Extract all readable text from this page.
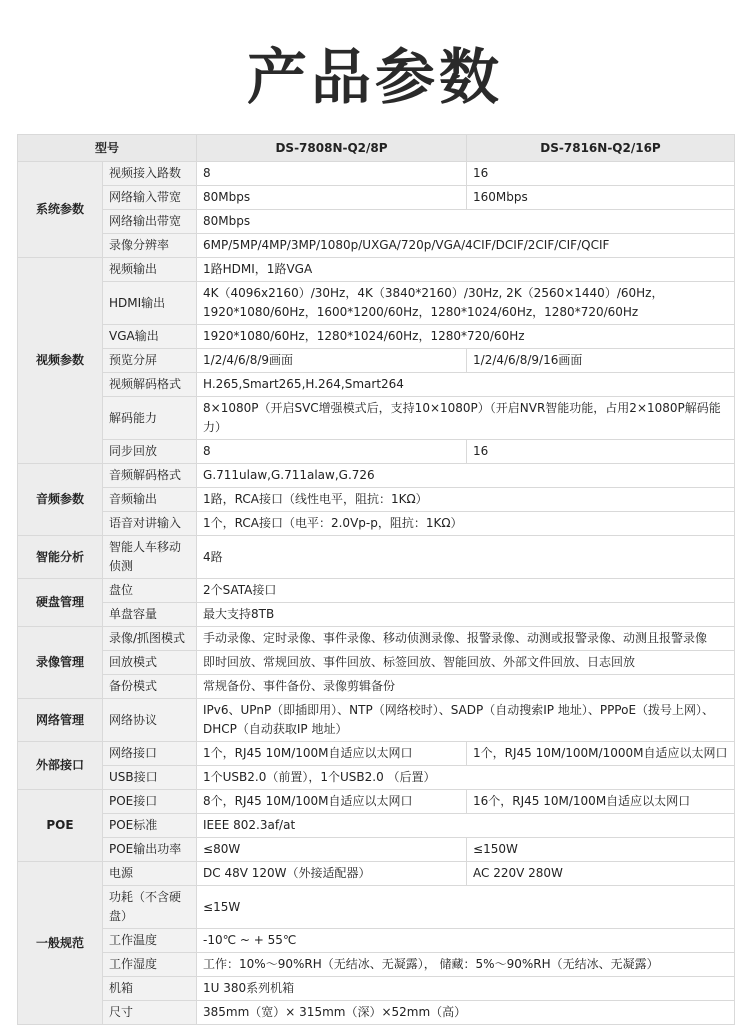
产品参数
型号		DS-7808N-Q2/8P	DS-7816N-Q2/16P
系统参数	视频接入路数	8	16
	网络输入带宽	80Mbps	160Mbps
	网络输出带宽	80Mbps	
	录像分辨率	6MP/5MP/4MP/3MP/1080p/UXGA/720p/VGA/4CIF/DCIF/2CIF/CIF/QCIF	
视频参数	视频输出	1路HDMI，1路VGA	
	HDMI输出	4K（4096x2160）/30Hz，4K（3840*2160）/30Hz, 2K（2560×1440）/60Hz，1920*1080/60Hz，1600*1200/60Hz，1280*1024/60Hz，1280*720/60Hz	
	VGA输出	1920*1080/60Hz，1280*1024/60Hz，1280*720/60Hz	
	预览分屏	1/2/4/6/8/9画面	1/2/4/6/8/9/16画面
	视频解码格式	H.265,Smart265,H.264,Smart264	
	解码能力	8×1080P（开启SVC增强模式后，支持10×1080P）（开启NVR智能功能，占用2×1080P解码能力）	
	同步回放	8	16
音频参数	音频解码格式	G.711ulaw,G.711alaw,G.726	
	音频输出	1路，RCA接口（线性电平，阻抗：1KΩ）	
	语音对讲输入	1个，RCA接口（电平：2.0Vp-p，阻抗：1KΩ）	
智能分析	智能人车移动侦测	4路	
硬盘管理	盘位	2个SATA接口	
	单盘容量	最大支持8TB	
录像管理	录像/抓图模式	手动录像、定时录像、事件录像、移动侦测录像、报警录像、动测或报警录像、动测且报警录像	
	回放模式	即时回放、常规回放、事件回放、标签回放、智能回放、外部文件回放、日志回放	
	备份模式	常规备份、事件备份、录像剪辑备份	
网络管理	网络协议	IPv6、UPnP（即插即用）、NTP（网络校时）、SADP（自动搜索IP 地址）、PPPoE（拨号上网）、DHCP（自动获取IP 地址）	
外部接口	网络接口	1个，RJ45 10M/100M自适应以太网口	1个，RJ45 10M/100M/1000M自适应以太网口
	USB接口	1个USB2.0（前置），1个USB2.0 （后置）	
POE	POE接口	8个，RJ45 10M/100M自适应以太网口	16个，RJ45 10M/100M自适应以太网口
	POE标准	IEEE 802.3af/at	
	POE输出功率	≤80W	≤150W
一般规范	电源	DC 48V 120W（外接适配器）	AC 220V 280W
	功耗（不含硬盘）	≤15W	
	工作温度	-10℃ ~ + 55℃	
	工作湿度	工作：10%～90%RH（无结冰、无凝露）， 储藏：5%～90%RH（无结冰、无凝露）	
	机箱	1U 380系列机箱	
	尺寸	385mm（宽）× 315mm（深）×52mm（高）	
